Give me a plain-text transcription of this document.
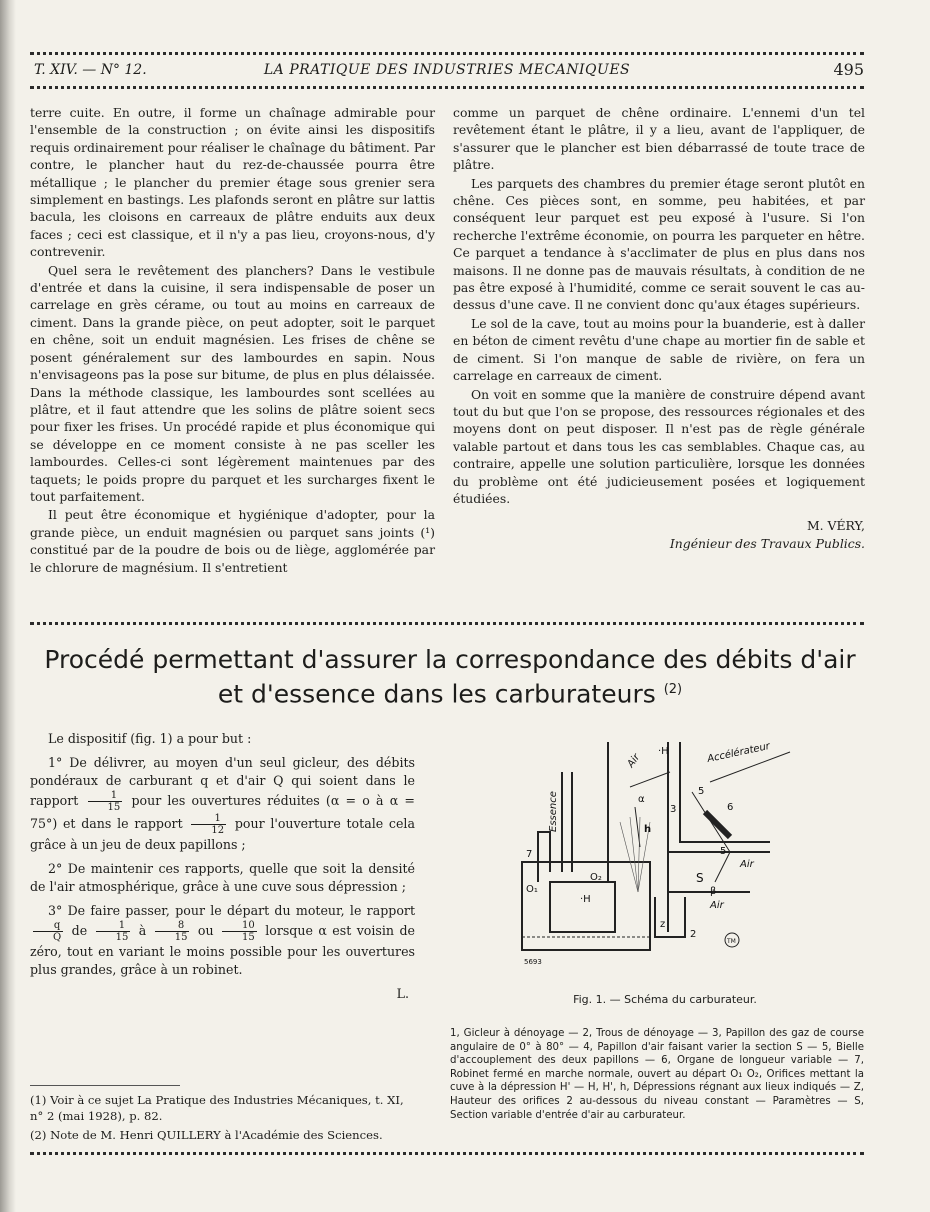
T. XIV. — N° 12.	LA PRATIQUE DES INDUSTRIES MECANIQUES	495

terre cuite. En outre, il forme un chaînage admirable pour l'ensemble de la construction ; on évite ainsi les dispositifs requis ordinairement pour réaliser le chaînage du bâtiment. Par contre, le plancher haut du rez-de-chaussée pourra être métallique ; le plancher du premier étage sous grenier sera simplement en bastings. Les plafonds seront en plâtre sur lattis bacula, les cloisons en carreaux de plâtre enduits aux deux faces ; ceci est classique, et il n'y a pas lieu, croyons-nous, d'y contrevenir.

Quel sera le revêtement des planchers? Dans le vestibule d'entrée et dans la cuisine, il sera indispensable de poser un carrelage en grès cérame, ou tout au moins en carreaux de ciment. Dans la grande pièce, on peut adopter, soit le parquet en chêne, soit un enduit magnésien. Les frises de chêne se posent généralement sur des lambourdes en sapin. Nous n'envisageons pas la pose sur bitume, de plus en plus délaissée. Dans la méthode classique, les lambourdes sont scellées au plâtre, et il faut attendre que les solins de plâtre soient secs pour fixer les frises. Un procédé rapide et plus économique qui se développe en ce moment consiste à ne pas sceller les lambourdes. Celles-ci sont légèrement maintenues par des taquets; le poids propre du parquet et les surcharges fixent le tout parfaitement.

Il peut être économique et hygiénique d'adopter, pour la grande pièce, un enduit magnésien ou parquet sans joints (¹) constitué par de la poudre de bois ou de liège, agglomérée par le chlorure de magnésium. Il s'entretient

comme un parquet de chêne ordinaire. L'ennemi d'un tel revêtement étant le plâtre, il y a lieu, avant de l'appliquer, de s'assurer que le plancher est bien débarrassé de toute trace de plâtre.

Les parquets des chambres du premier étage seront plutôt en chêne. Ces pièces sont, en somme, peu habitées, et par conséquent leur parquet est peu exposé à l'usure. Si l'on recherche l'extrême économie, on pourra les parqueter en hêtre. Ce parquet a tendance à s'acclimater de plus en plus dans nos maisons. Il ne donne pas de mauvais résultats, à condition de ne pas être exposé à l'humidité, comme ce serait souvent le cas au-dessus d'une cave. Il ne convient donc qu'aux étages supérieurs.

Le sol de la cave, tout au moins pour la buanderie, est à daller en béton de ciment revêtu d'une chape au mortier fin de sable et de ciment. Si l'on manque de sable de rivière, on fera un carrelage en carreaux de ciment.

On voit en somme que la manière de construire dépend avant tout du but que l'on se propose, des ressources régionales et des moyens dont on peut disposer. Il n'est pas de règle générale valable partout et dans tous les cas semblables. Chaque cas, au contraire, appelle une solution particulière, lorsque les données du problème ont été judicieusement posées et logiquement étudiées.

M. VÉRY,
Ingénieur des Travaux Publics.
Procédé permettant d'assurer la correspondance des débits d'air
et d'essence dans les carburateurs $^{(2)}$

Le dispositif (fig. 1) a pour but :

1° De délivrer, au moyen d'un seul gicleur, des débits pondéraux de carburant q et d'air Q qui soient dans le rapport $\frac{1}{15}$ pour les ouvertures réduites (α = o à α = 75°) et dans le rapport $\frac{1}{12}$ pour l'ouverture totale cela grâce à un jeu de deux papillons ;

2° De maintenir ces rapports, quelle que soit la densité de l'air atmosphérique, grâce à une cuve sous dépression ;

3° De faire passer, pour le départ du moteur, le rapport
$\frac{q}{Q}$ de $\frac{1}{15}$ à $\frac{8}{15}$ ou $\frac{10}{15}$ lorsque α est voisin de zéro, tout en variant le moins possible pour les ouvertures plus grandes, grâce à un robinet.

L.

(1) Voir à ce sujet La Pratique des Industries Mécaniques, t. XI, n° 2 (mai 1928), p. 82.

(2) Note de M. Henri QUILLERY à l'Académie des Sciences.

Air
·H	Accélérateur
Essence	α
3
5
5
6
h
7
O₁
O₂
·H
S
β
Air
Air
z
2
5693
TM
Fig. 1. — Schéma du carburateur.
1, Gicleur à dénoyage — 2, Trous de dénoyage — 3, Papillon des gaz de course angulaire de 0° à 80° — 4, Papillon d'air faisant varier la section S — 5, Bielle d'accouplement des deux papillons — 6, Organe de longueur variable — 7, Robinet fermé en marche normale, ouvert au départ O₁ O₂, Orifices mettant la cuve à la dépression H' — H, H', h, Dépressions régnant aux lieux indiqués — Z, Hauteur des orifices 2 au-dessous du niveau constant — Paramètres — S, Section variable d'entrée d'air au carburateur.
